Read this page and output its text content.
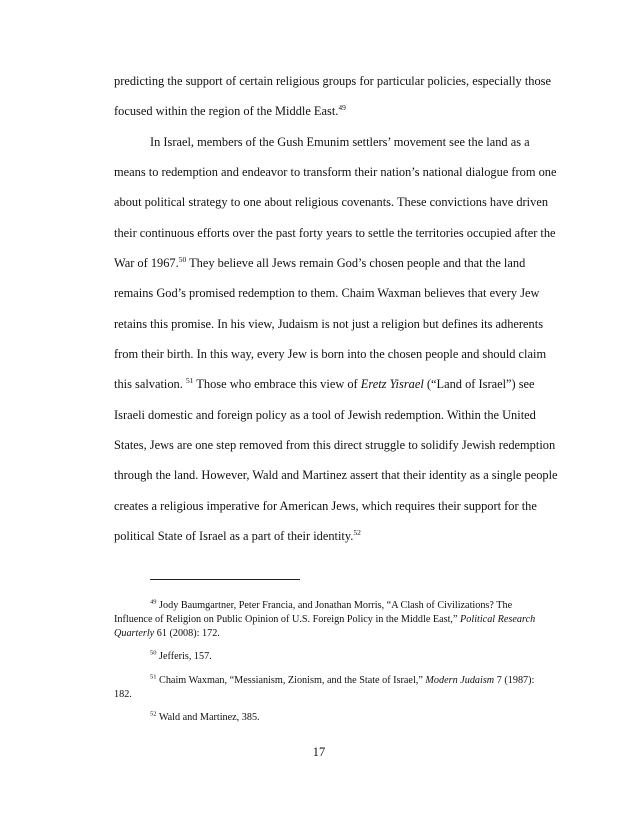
predicting the support of certain religious groups for particular policies, especially those
focused within the region of the Middle East.$^{49}$
In Israel, members of the Gush Emunim settlers’ movement see the land as a
means to redemption and endeavor to transform their nation’s national dialogue from one
about political strategy to one about religious covenants. These convictions have driven
their continuous efforts over the past forty years to settle the territories occupied after the
War of 1967.50 They believe all Jews remain God’s chosen people and that the land
remains God’s promised redemption to them. Chaim Waxman believes that every Jew
retains this promise. In his view, Judaism is not just a religion but defines its adherents
from their birth. In this way, every Jew is born into the chosen people and should claim
this salvation. $^{51}$ Those who embrace this view of Eretz Yisrael (“Land of Israel”) see
Israeli domestic and foreign policy as a tool of Jewish redemption. Within the United
States, Jews are one step removed from this direct struggle to solidify Jewish redemption
through the land. However, Wald and Martinez assert that their identity as a single people
creates a religious imperative for American Jews, which requires their support for the
political State of Israel as a part of their identity.$^{52}$
$^{49}$ Jody Baumgartner, Peter Francia, and Jonathan Morris, “A Clash of Civilizations? The
Influence of Religion on Public Opinion of U.S. Foreign Policy in the Middle East,” Political Research
Quarterly 61 (2008): 172.
$^{50}$ Jefferis, 157.
$^{51}$ Chaim Waxman, “Messianism, Zionism, and the State of Israel,” Modern Judaism 7 (1987):
182.
$^{52}$ Wald and Martinez, 385.
17
